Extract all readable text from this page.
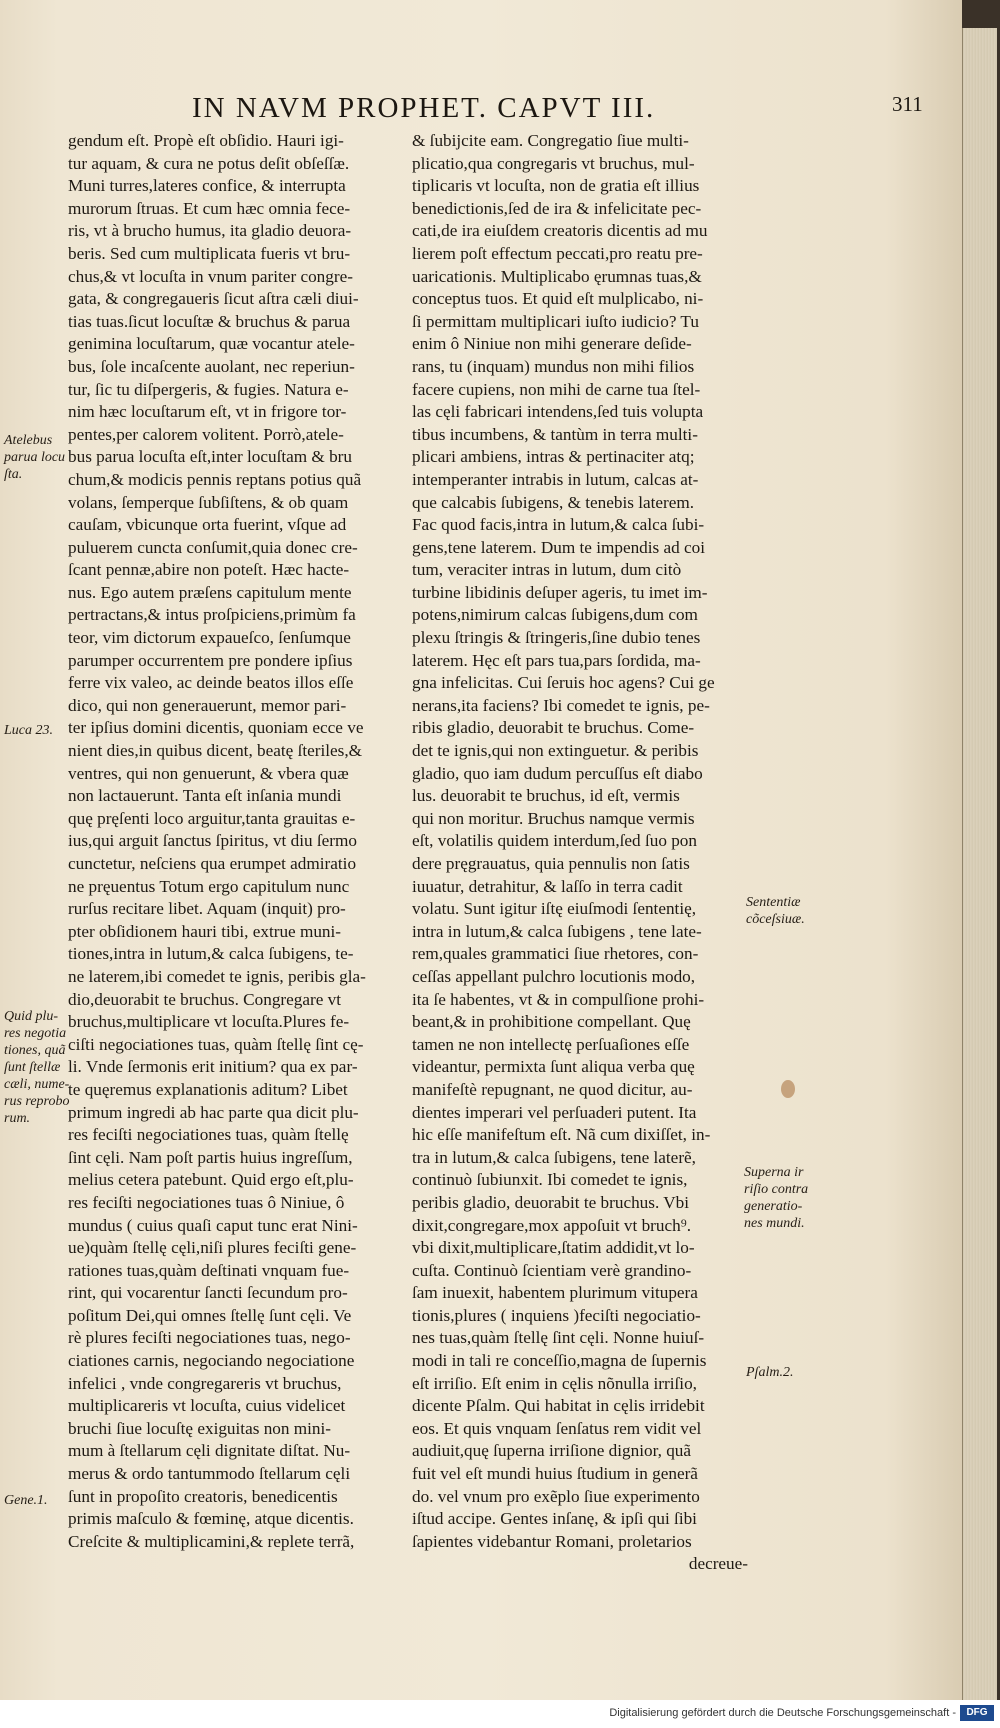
IN NAVM PROPHET. CAPVT III.	311
gendum eſt. Propè eſt obſidio. Hauri igi-
tur aquam, & cura ne potus deſit obſeſſæ.
Muni turres,lateres confice, & interrupta
murorum ſtruas. Et cum hæc omnia fece-
ris, vt à brucho humus, ita gladio deuora-
beris. Sed cum multiplicata fueris vt bru-
chus,& vt locuſta in vnum pariter congre-
gata, & congregaueris ſicut aſtra cæli diui-
tias tuas.ſicut locuſtæ & bruchus & parua
genimina locuſtarum, quæ vocantur atele-
bus, ſole incaſcente auolant, nec reperiun-
tur, ſic tu diſpergeris, & fugies. Natura e-
nim hæc locuſtarum eſt, vt in frigore tor-
pentes,per calorem volitent. Porrò,atele-
bus parua locuſta eſt,inter locuſtam & bru
chum,& modicis pennis reptans potius quã
volans, ſemperque ſubſiſtens, & ob quam
cauſam, vbicunque orta fuerint, vſque ad
puluerem cuncta conſumit,quia donec cre-
ſcant pennæ,abire non poteſt. Hæc hacte-
nus. Ego autem præſens capitulum mente
pertractans,& intus proſpiciens,primùm fa
teor, vim dictorum expaueſco, ſenſumque
parumper occurrentem pre pondere ipſius
ferre vix valeo, ac deinde beatos illos eſſe
dico, qui non generauerunt, memor pari-
ter ipſius domini dicentis, quoniam ecce ve
nient dies,in quibus dicent, beatę ſteriles,&
ventres, qui non genuerunt, & vbera quæ
non lactauerunt. Tanta eſt inſania mundi
quę pręſenti loco arguitur,tanta grauitas e-
ius,qui arguit ſanctus ſpiritus, vt diu ſermo
cunctetur, neſciens qua erumpet admiratio
ne pręuentus Totum ergo capitulum nunc
rurſus recitare libet. Aquam (inquit) pro-
pter obſidionem hauri tibi, extrue muni-
tiones,intra in lutum,& calca ſubigens, te-
ne laterem,ibi comedet te ignis, peribis gla-
dio,deuorabit te bruchus. Congregare vt
bruchus,multiplicare vt locuſta.Plures fe-
ciſti negociationes tuas, quàm ſtellę ſint cę-
li. Vnde ſermonis erit initium? qua ex par-
te quęremus explanationis aditum? Libet
primum ingredi ab hac parte qua dicit plu-
res feciſti negociationes tuas, quàm ſtellę
ſint cęli. Nam poſt partis huius ingreſſum,
melius cetera patebunt. Quid ergo eſt,plu-
res feciſti negociationes tuas ô Niniue, ô
mundus ( cuius quaſi caput tunc erat Nini-
ue)quàm ſtellę cęli,niſi plures feciſti gene-
rationes tuas,quàm deſtinati vnquam fue-
rint, qui vocarentur ſancti ſecundum pro-
poſitum Dei,qui omnes ſtellę ſunt cęli. Ve
rè plures feciſti negociationes tuas, nego-
ciationes carnis, negociando negociatione
infelici , vnde congregareris vt bruchus,
multiplicareris vt locuſta, cuius videlicet
bruchi ſiue locuſtę exiguitas non mini-
mum à ſtellarum cęli dignitate diſtat. Nu-
merus & ordo tantummodo ſtellarum cęli
ſunt in propoſito creatoris, benedicentis
primis maſculo & fœminę, atque dicentis.
Creſcite & multiplicamini,& replete terrã,
& ſubijcite eam. Congregatio ſiue multi-
plicatio,qua congregaris vt bruchus, mul-
tiplicaris vt locuſta, non de gratia eſt illius
benedictionis,ſed de ira & infelicitate pec-
cati,de ira eiuſdem creatoris dicentis ad mu
lierem poſt effectum peccati,pro reatu pre-
uaricationis. Multiplicabo ęrumnas tuas,&
conceptus tuos. Et quid eſt mulplicabo, ni-
ſi permittam multiplicari iuſto iudicio? Tu
enim ô Niniue non mihi generare deſide-
rans, tu (inquam) mundus non mihi filios
facere cupiens, non mihi de carne tua ſtel-
las cęli fabricari intendens,ſed tuis volupta
tibus incumbens, & tantùm in terra multi-
plicari ambiens, intras & pertinaciter atq;
intemperanter intrabis in lutum, calcas at-
que calcabis ſubigens, & tenebis laterem.
Fac quod facis,intra in lutum,& calca ſubi-
gens,tene laterem. Dum te impendis ad coi
tum, veraciter intras in lutum, dum citò
turbine libidinis deſuper ageris, tu imet im-
potens,nimirum calcas ſubigens,dum com
plexu ſtringis & ſtringeris,ſine dubio tenes
laterem. Hęc eſt pars tua,pars ſordida, ma-
gna infelicitas. Cui ſeruis hoc agens? Cui ge
nerans,ita faciens? Ibi comedet te ignis, pe-
ribis gladio, deuorabit te bruchus. Come-
det te ignis,qui non extinguetur. & peribis
gladio, quo iam dudum percuſſus eſt diabo
lus. deuorabit te bruchus, id eſt, vermis
qui non moritur. Bruchus namque vermis
eſt, volatilis quidem interdum,ſed ſuo pon
dere pręgrauatus, quia pennulis non ſatis
iuuatur, detrahitur, & laſſo in terra cadit
volatu. Sunt igitur iſtę eiuſmodi ſententię,
intra in lutum,& calca ſubigens , tene late-
rem,quales grammatici ſiue rhetores, con-
ceſſas appellant pulchro locutionis modo,
ita ſe habentes, vt & in compulſione prohi-
beant,& in prohibitione compellant. Quę
tamen ne non intellectę perſuaſiones eſſe
videantur, permixta ſunt aliqua verba quę
manifeſtè repugnant, ne quod dicitur, au-
dientes imperari vel perſuaderi putent. Ita
hic eſſe manifeſtum eſt. Nã cum dixiſſet, in-
tra in lutum,& calca ſubigens, tene laterẽ,
continuò ſubiunxit. Ibi comedet te ignis,
peribis gladio, deuorabit te bruchus. Vbi
dixit,congregare,mox appoſuit vt bruch⁹.
vbi dixit,multiplicare,ſtatim addidit,vt lo-
cuſta. Continuò ſcientiam verè grandino-
ſam inuexit, habentem plurimum vitupera
tionis,plures ( inquiens )feciſti negociatio-
nes tuas,quàm ſtellę ſint cęli. Nonne huiuſ-
modi in tali re conceſſio,magna de ſupernis
eſt irriſio. Eſt enim in cęlis nõnulla irriſio,
dicente Pſalm. Qui habitat in cęlis irridebit
eos. Et quis vnquam ſenſatus rem vidit vel
audiuit,quę ſuperna irriſione dignior, quã
fuit vel eſt mundi huius ſtudium in generã
do. vel vnum pro exẽplo ſiue experimento
iſtud accipe. Gentes inſanę, & ipſi qui ſibi
ſapientes videbantur Romani, proletarios
decreue-
Atelebus
parua locu
ſta.
Luca 23.
Quid plu-
res negotia
tiones, quã
ſunt ſtellæ
cæli, nume-
rus reprobo
rum.
Gene.1.
Sententiæ
cõceſsiuæ.
Superna ir
riſio contra
generatio-
nes mundi.
Pſalm.2.
Digitalisierung gefördert durch die Deutsche Forschungsgemeinschaft -	DFG
